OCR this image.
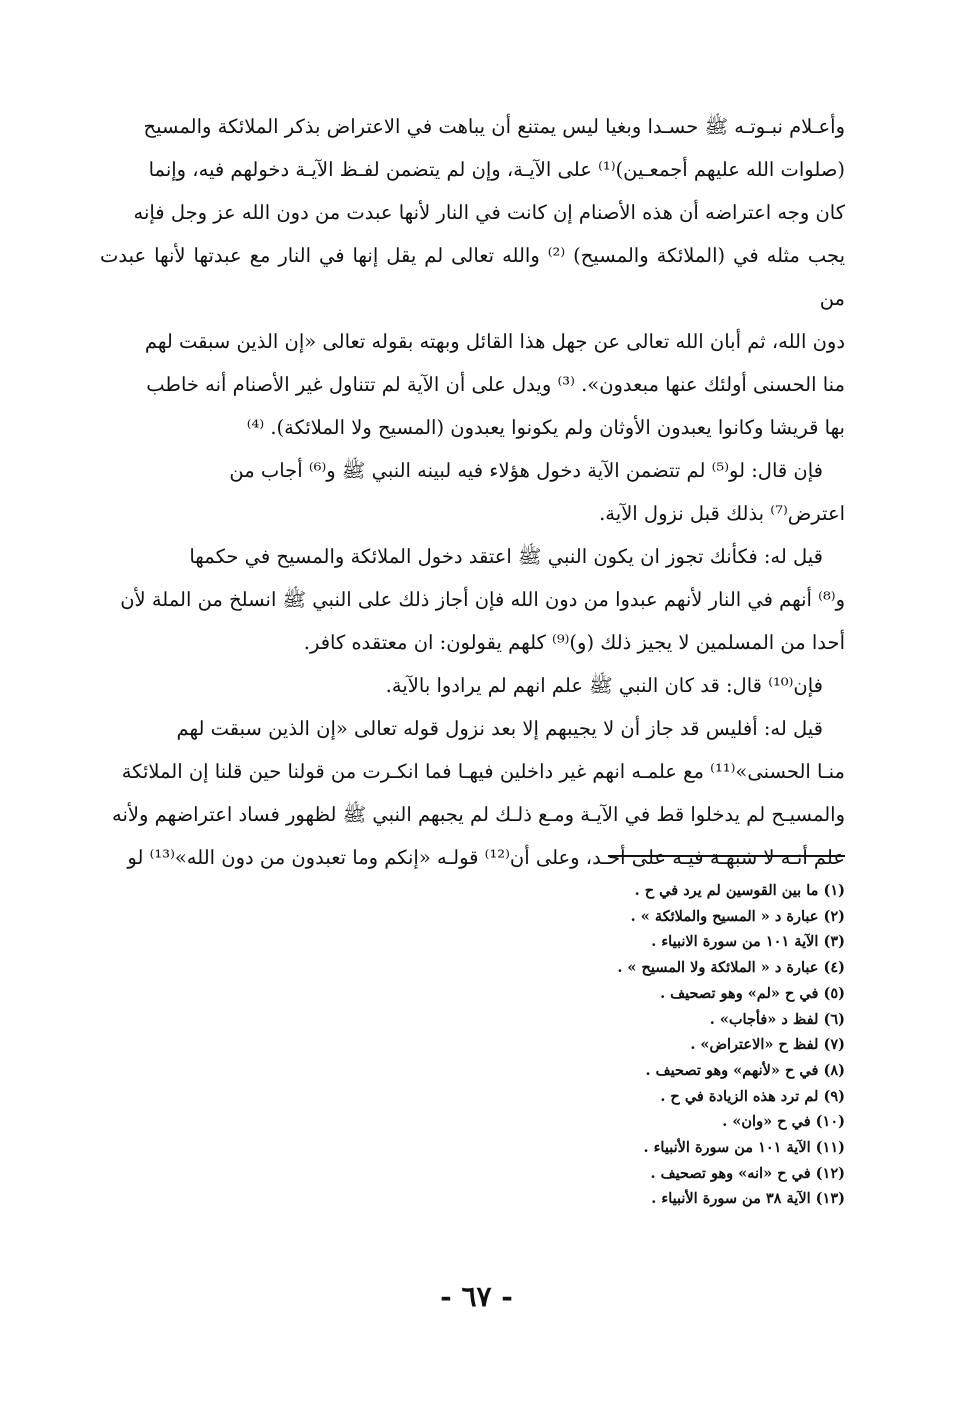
وأعـلام نبـوتـه ﷺ حسـدا وبغيا ليس يمتنع أن يباهت في الاعتراض بذكر الملائكة والمسيح
(صلوات الله عليهم أجمعـين)⁽¹⁾ على الآيـة، وإن لم يتضمن لفـظ الآيـة دخولهم فيه، وإنما
كان وجه اعتراضه أن هذه الأصنام إن كانت في النار لأنها عبدت من دون الله عز وجل فإنه
يجب مثله في (الملائكة والمسيح) ⁽²⁾ والله تعالى لم يقل إنها في النار مع عبدتها لأنها عبدت من
دون الله، ثم أبان الله تعالى عن جهل هذا القائل وبهته بقوله تعالى «إن الذين سبقت لهم
منا الحسنى أولئك عنها مبعدون». ⁽³⁾ ويدل على أن الآية لم تتناول غير الأصنام أنه خاطب
بها قريشا وكانوا يعبدون الأوثان ولم يكونوا يعبدون (المسيح ولا الملائكة). ⁽⁴⁾
فإن قال: لو⁽⁵⁾ لم تتضمن الآية دخول هؤلاء فيه لبينه النبي ﷺ و⁽⁶⁾ أجاب من
اعترض⁽⁷⁾ بذلك قبل نزول الآية.
قيل له: فكأنك تجوز ان يكون النبي ﷺ اعتقد دخول الملائكة والمسيح في حكمها
و⁽⁸⁾ أنهم في النار لأنهم عبدوا من دون الله فإن أجاز ذلك على النبي ﷺ انسلخ من الملة لأن
أحدا من المسلمين لا يجيز ذلك (و)⁽⁹⁾ كلهم يقولون: ان معتقده كافر.
فإن⁽¹⁰⁾ قال: قد كان النبي ﷺ علم انهم لم يرادوا بالآية.
قيل له: أفليس قد جاز أن لا يجيبهم إلا بعد نزول قوله تعالى «إن الذين سبقت لهم
منـا الحسنى»⁽¹¹⁾ مع علمـه انهم غير داخلين فيهـا فما انكـرت من قولنا حين قلنا إن الملائكة
والمسيـح لم يدخلوا قط في الآيـة ومـع ذلـك لم يجبهم النبي ﷺ لظهور فساد اعتراضهم ولأنه
علم أنـه لا شبهـة فيـه على أحـد، وعلى أن⁽¹²⁾ قولـه «إنكم وما تعبدون من دون الله»⁽¹³⁾ لو
(١) ما بين القوسين لم يرد في ح .
(٢) عبارة د « المسيح والملائكة » .
(٣) الآية ١٠١ من سورة الانبياء .
(٤) عبارة د « الملائكة ولا المسيح » .
(٥) في ح «لم» وهو تصحيف .
(٦) لفظ د «فأجاب» .
(٧) لفظ ح «الاعتراض» .
(٨) في ح «لأنهم» وهو تصحيف .
(٩) لم ترد هذه الزيادة في ح .
(١٠) في ح «وان» .
(١١) الآية ١٠١ من سورة الأنبياء .
(١٢) في ح «انه» وهو تصحيف .
(١٣) الآية ٣٨ من سورة الأنبياء .
- ٦٧ -
